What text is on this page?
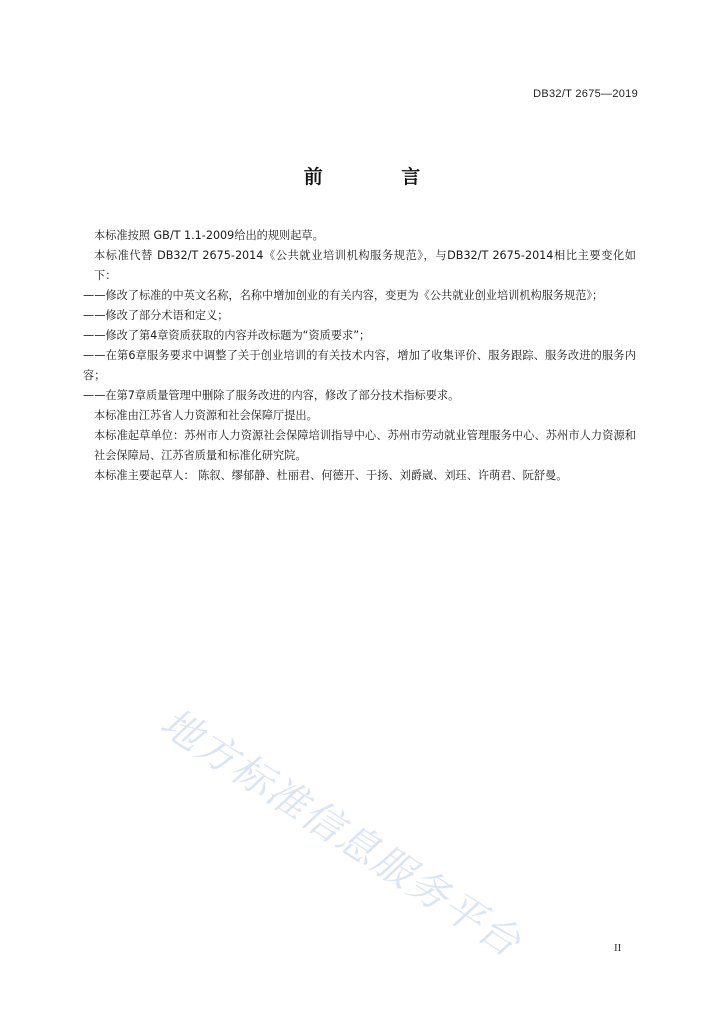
DB32/T 2675—2019
前 言

本标准按照 GB/T 1.1-2009给出的规则起草。

本标准代替 DB32/T 2675-2014《公共就业培训机构服务规范》，与DB32/T 2675-2014相比主要变化如下：

——修改了标准的中英文名称，名称中增加创业的有关内容，变更为《公共就业创业培训机构服务规范》；

——修改了部分术语和定义；

——修改了第4章资质获取的内容并改标题为“资质要求”；

——在第6章服务要求中调整了关于创业培训的有关技术内容，增加了收集评价、服务跟踪、服务改进的服务内容；

——在第7章质量管理中删除了服务改进的内容，修改了部分技术指标要求。

本标准由江苏省人力资源和社会保障厅提出。

本标准起草单位：苏州市人力资源社会保障培训指导中心、苏州市劳动就业管理服务中心、苏州市人力资源和社会保障局、江苏省质量和标准化研究院。

本标准主要起草人： 陈叙、缪郁静、杜丽君、何德开、于扬、刘爵崴、刘珏、许萌君、阮舒曼。

地方标准信息服务平台	II
